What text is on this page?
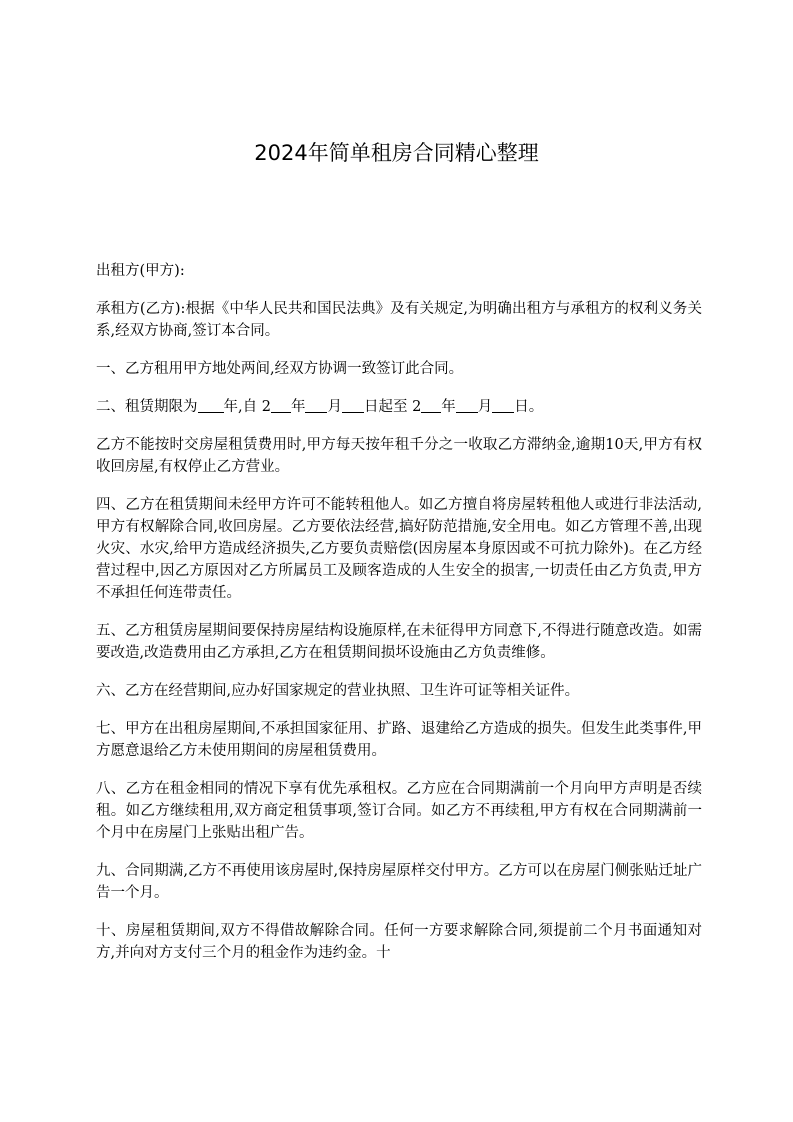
2024年简单租房合同精心整理

出租方(甲方):

承租方(乙方):根据《中华人民共和国民法典》及有关规定,为明确出租方与承租方的权利义务关系,经双方协商,签订本合同。

一、乙方租用甲方地处两间,经双方协调一致签订此合同。

二、租赁期限为 年,自 2 年 月 日起至 2 年 月 日。

乙方不能按时交房屋租赁费用时,甲方每天按年租千分之一收取乙方滞纳金,逾期10天,甲方有权收回房屋,有权停止乙方营业。

四、乙方在租赁期间未经甲方许可不能转租他人。如乙方擅自将房屋转租他人或进行非法活动,甲方有权解除合同,收回房屋。乙方要依法经营,搞好防范措施,安全用电。如乙方管理不善,出现火灾、水灾,给甲方造成经济损失,乙方要负责赔偿(因房屋本身原因或不可抗力除外)。在乙方经营过程中,因乙方原因对乙方所属员工及顾客造成的人生安全的损害,一切责任由乙方负责,甲方不承担任何连带责任。

五、乙方租赁房屋期间要保持房屋结构设施原样,在未征得甲方同意下,不得进行随意改造。如需要改造,改造费用由乙方承担,乙方在租赁期间损坏设施由乙方负责维修。

六、乙方在经营期间,应办好国家规定的营业执照、卫生许可证等相关证件。

七、甲方在出租房屋期间,不承担国家征用、扩路、退建给乙方造成的损失。但发生此类事件,甲方愿意退给乙方未使用期间的房屋租赁费用。

八、乙方在租金相同的情况下享有优先承租权。乙方应在合同期满前一个月向甲方声明是否续租。如乙方继续租用,双方商定租赁事项,签订合同。如乙方不再续租,甲方有权在合同期满前一个月中在房屋门上张贴出租广告。

九、合同期满,乙方不再使用该房屋时,保持房屋原样交付甲方。乙方可以在房屋门侧张贴迁址广告一个月。

十、房屋租赁期间,双方不得借故解除合同。任何一方要求解除合同,须提前二个月书面通知对方,并向对方支付三个月的租金作为违约金。十
